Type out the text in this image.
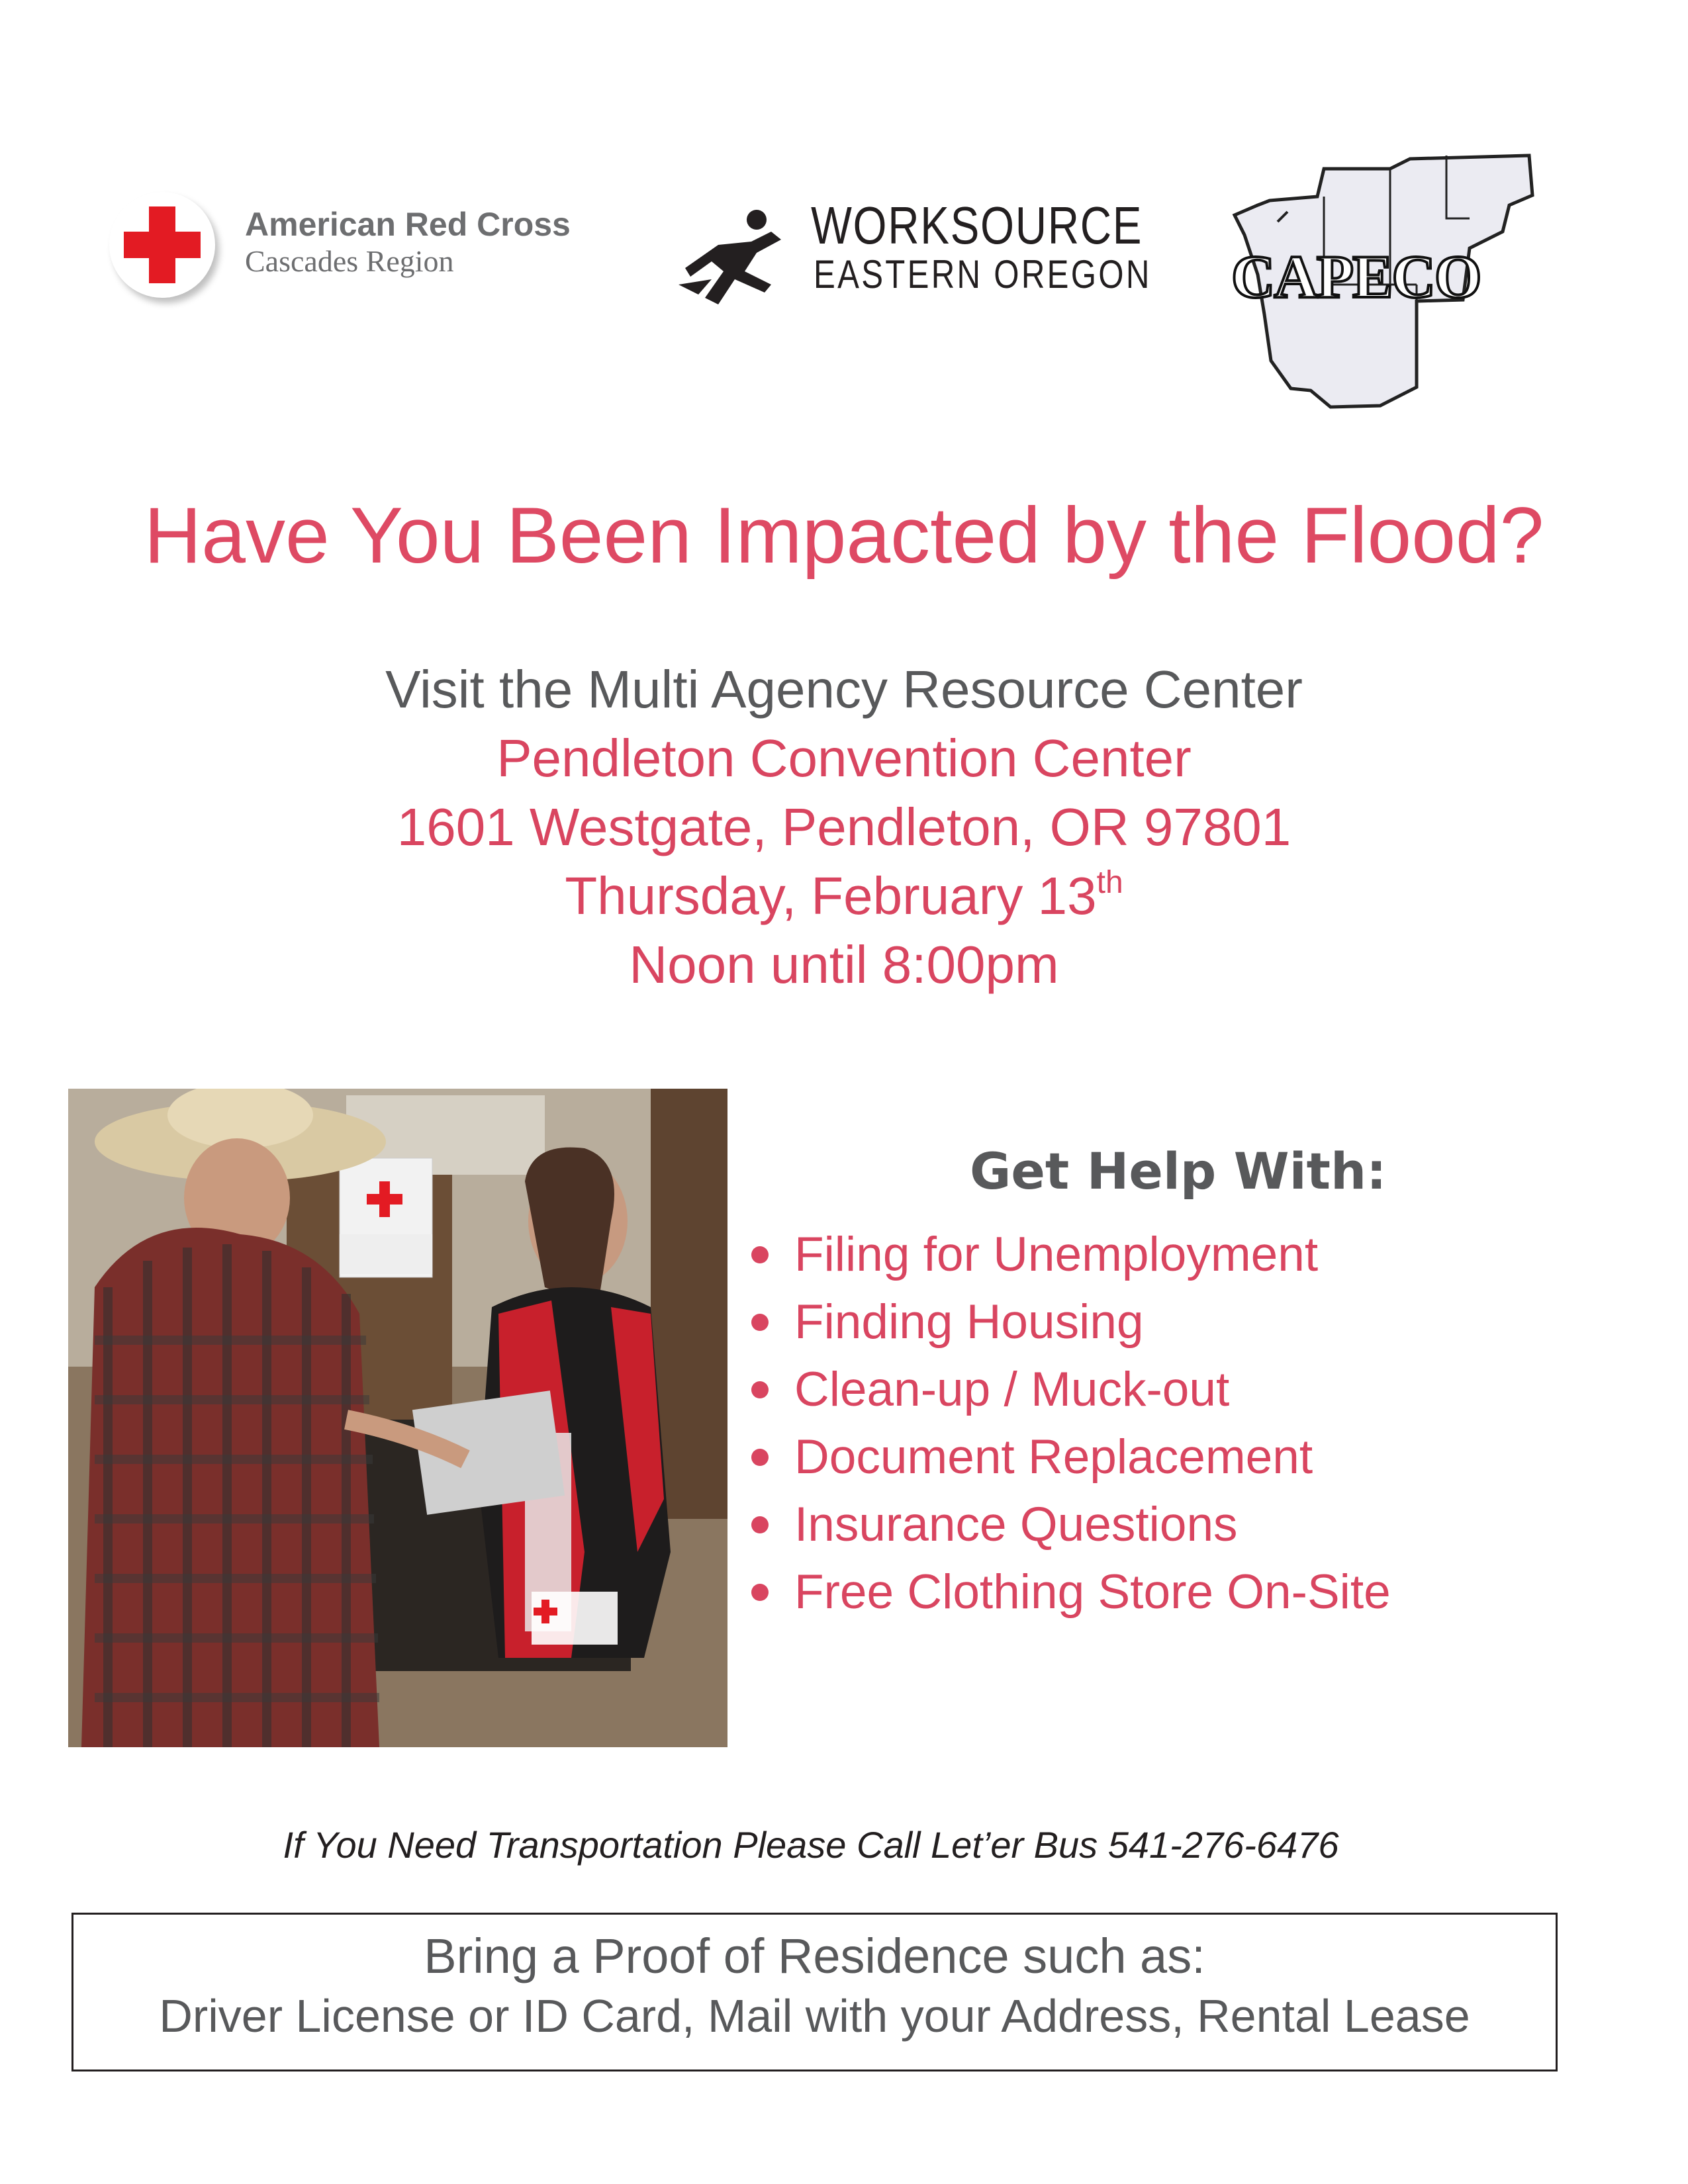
American Red Cross
Cascades Region
WORKSOURCE
EASTERN OREGON CAPECO
Have You Been Impacted by the Flood?
Visit the Multi Agency Resource Center
Pendleton Convention Center
1601 Westgate, Pendleton, OR 97801
Thursday, February 13th
Noon until 8:00pm
Get Help With:
Filing for Unemployment
Finding Housing
Clean-up / Muck-out
Document Replacement
Insurance Questions
Free Clothing Store On-Site
If You Need Transportation Please Call Let’er Bus 541-276-6476
Bring a Proof of Residence such as:
Driver License or ID Card, Mail with your Address, Rental Lease
